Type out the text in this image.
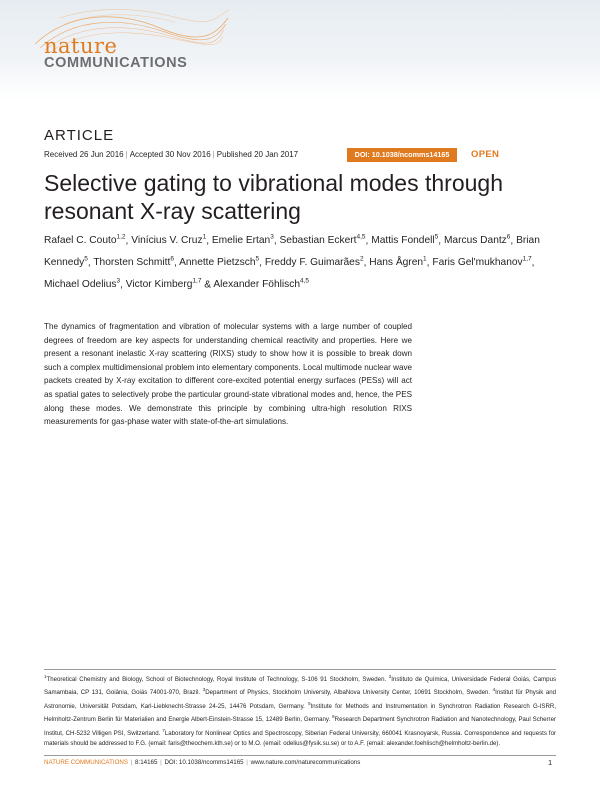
nature
COMMUNICATIONS
ARTICLE
Received 26 Jun 2016 | Accepted 30 Nov 2016 | Published 20 Jan 2017	DOI: 10.1038/ncomms14165	OPEN
Selective gating to vibrational modes through resonant X-ray scattering
Rafael C. Couto$^{1,2}$, Vinícius V. Cruz$^1$, Emelie Ertan$^3$, Sebastian Eckert$^{4,5}$, Mattis Fondell$^5$, Marcus Dantz$^6$, Brian Kennedy$^5$, Thorsten Schmitt$^6$, Annette Pietzsch$^5$, Freddy F. Guimarães$^2$, Hans Ågren$^1$, Faris Gel'mukhanov$^{1,7}$, Michael Odelius$^3$, Victor Kimberg$^{1,7}$ & Alexander Föhlisch$^{4,5}$
The dynamics of fragmentation and vibration of molecular systems with a large number of coupled degrees of freedom are key aspects for understanding chemical reactivity and properties. Here we present a resonant inelastic X-ray scattering (RIXS) study to show how it is possible to break down such a complex multidimensional problem into elementary components. Local multimode nuclear wave packets created by X-ray excitation to different core-excited potential energy surfaces (PESs) will act as spatial gates to selectively probe the particular ground-state vibrational modes and, hence, the PES along these modes. We demonstrate this principle by combining ultra-high resolution RIXS measurements for gas-phase water with state-of-the-art simulations.
$^1$Theoretical Chemistry and Biology, School of Biotechnology, Royal Institute of Technology, S-106 91 Stockholm, Sweden. $^2$Instituto de Química, Universidade Federal Goiás, Campus Samambaia, CP 131, Goiânia, Goiás 74001-970, Brazil. $^3$Department of Physics, Stockholm University, AlbaNova University Center, 10691 Stockholm, Sweden. $^4$Institut für Physik and Astronomie, Universität Potsdam, Karl-Liebknecht-Strasse 24-25, 14476 Potsdam, Germany. $^5$Institute for Methods and Instrumentation in Synchrotron Radiation Research G-ISRR, Helmholtz-Zentrum Berlin für Materialien and Energie Albert-Einstein-Strasse 15, 12489 Berlin, Germany. $^6$Research Department Synchrotron Radiation and Nanotechnology, Paul Scherrer Institut, CH-5232 Villigen PSI, Switzerland. $^7$Laboratory for Nonlinear Optics and Spectroscopy, Siberian Federal University, 660041 Krasnoyarsk, Russia. Correspondence and requests for materials should be addressed to F.G. (email: faris@theochem.kth.se) or to M.O. (email: odelius@fysik.su.se) or to A.F. (email: alexander.foehlisch@helmholtz-berlin.de).
NATURE COMMUNICATIONS | 8:14165 | DOI: 10.1038/ncomms14165 | www.nature.com/naturecommunications	1
